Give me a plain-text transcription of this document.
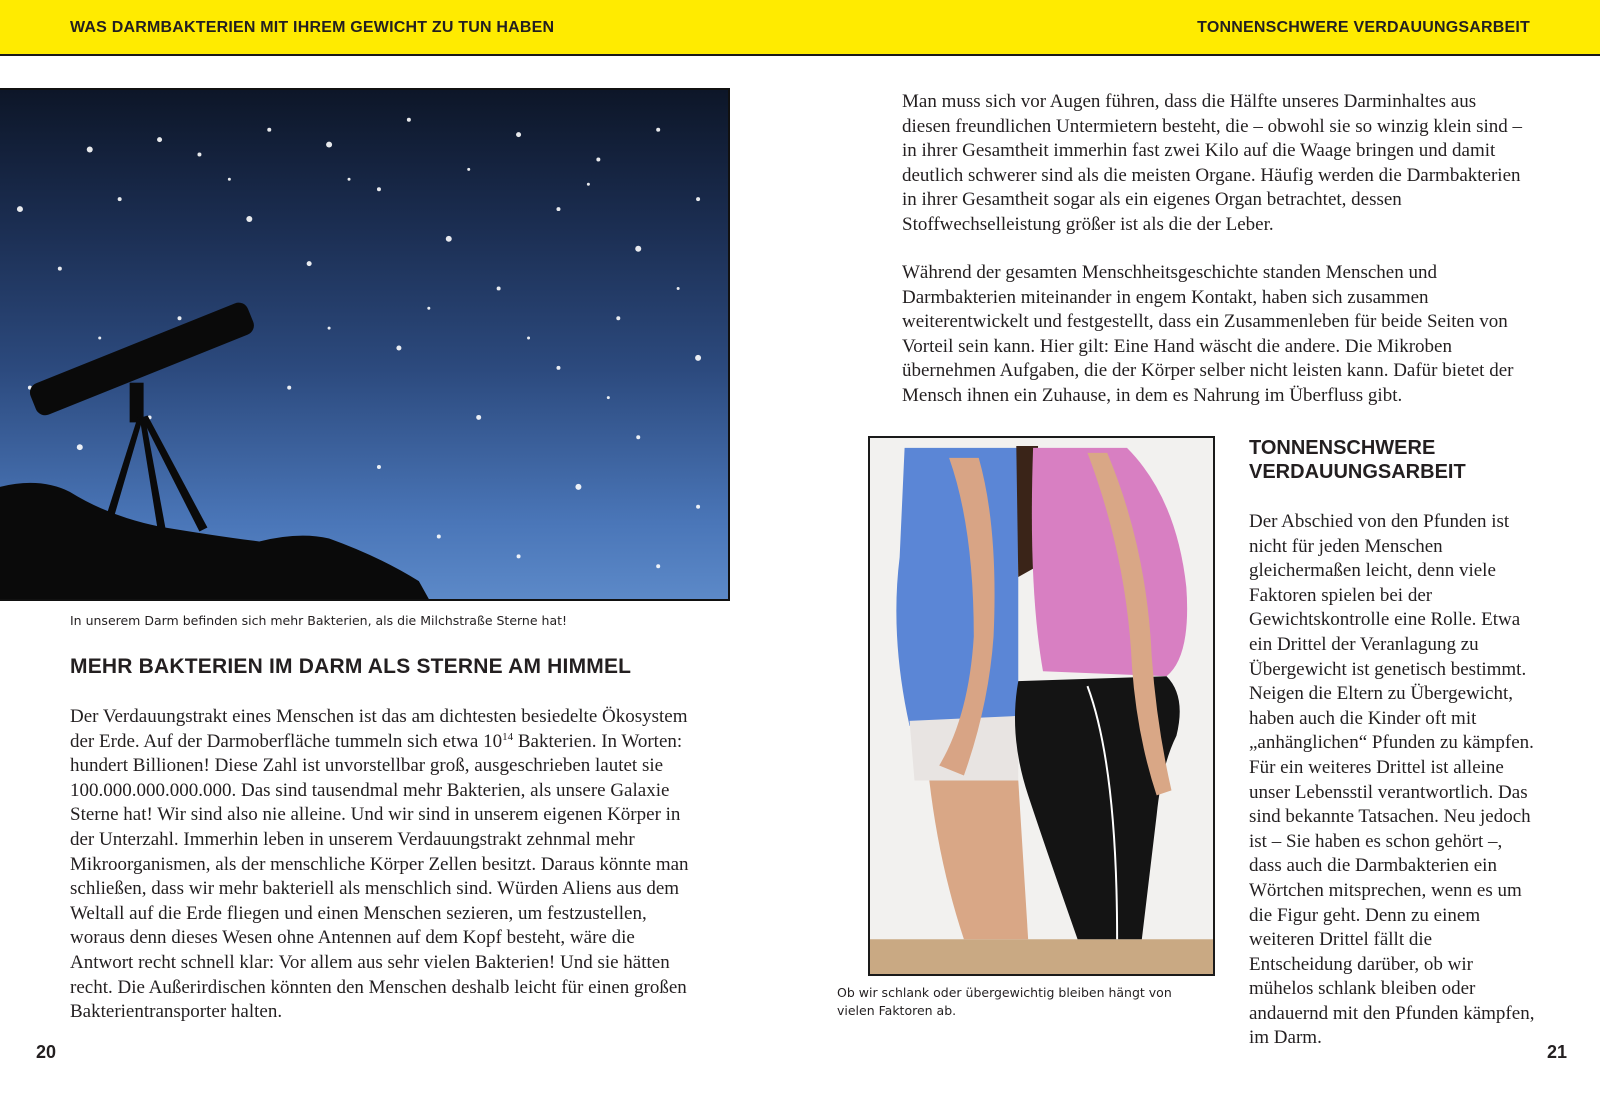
WAS DARMBAKTERIEN MIT IHREM GEWICHT ZU TUN HABEN	TONNENSCHWERE VERDAUUNGSARBEIT
In unserem Darm befinden sich mehr Bakterien, als die Milchstraße Sterne hat!
MEHR BAKTERIEN IM DARM ALS STERNE AM HIMMEL
Der Verdauungstrakt eines Menschen ist das am dichtesten besiedelte Ökosystem der Erde. Auf der Darmoberfläche tummeln sich etwa $10^{14}$ Bakterien. In Worten: hundert Billionen! Diese Zahl ist unvorstellbar groß, ausgeschrieben lautet sie 100.000.000.000.000. Das sind tausendmal mehr Bakterien, als unsere Galaxie Sterne hat! Wir sind also nie alleine. Und wir sind in unserem eigenen Körper in der Unterzahl. Immerhin leben in unserem Verdauungstrakt zehnmal mehr Mikroorganismen, als der menschliche Körper Zellen besitzt. Daraus könnte man schließen, dass wir mehr bakteriell als menschlich sind. Würden Aliens aus dem Weltall auf die Erde fliegen und einen Menschen sezieren, um festzustellen, woraus denn dieses Wesen ohne Antennen auf dem Kopf besteht, wäre die Antwort recht schnell klar: Vor allem aus sehr vielen Bakterien! Und sie hätten recht. Die Außerirdischen könnten den Menschen deshalb leicht für einen großen Bakterientransporter halten.
20
Man muss sich vor Augen führen, dass die Hälfte unseres Darminhaltes aus diesen freundlichen Untermietern besteht, die – obwohl sie so winzig klein sind – in ihrer Gesamtheit immerhin fast zwei Kilo auf die Waage bringen und damit deutlich schwerer sind als die meisten Organe. Häufig werden die Darmbakterien in ihrer Gesamtheit sogar als ein eigenes Organ betrachtet, dessen Stoffwechselleistung größer ist als die der Leber.
Während der gesamten Menschheitsgeschichte standen Menschen und Darmbakterien miteinander in engem Kontakt, haben sich zusammen weiterentwickelt und festgestellt, dass ein Zusammenleben für beide Seiten von Vorteil sein kann. Hier gilt: Eine Hand wäscht die andere. Die Mikroben übernehmen Aufgaben, die der Körper selber nicht leisten kann. Dafür bietet der Mensch ihnen ein Zuhause, in dem es Nahrung im Überfluss gibt.
Ob wir schlank oder übergewichtig bleiben hängt von vielen Faktoren ab.
TONNENSCHWERE
VERDAUUNGSARBEIT
Der Abschied von den Pfunden ist nicht für jeden Menschen gleichermaßen leicht, denn viele Faktoren spielen bei der Gewichtskontrolle eine Rolle. Etwa ein Drittel der Veranlagung zu Übergewicht ist genetisch bestimmt. Neigen die Eltern zu Übergewicht, haben auch die Kinder oft mit „anhänglichen“ Pfunden zu kämpfen. Für ein weiteres Drittel ist alleine unser Lebensstil verantwortlich. Das sind bekannte Tatsachen. Neu jedoch ist – Sie haben es schon gehört –, dass auch die Darmbakterien ein Wörtchen mitsprechen, wenn es um die Figur geht. Denn zu einem weiteren Drittel fällt die Entscheidung darüber, ob wir mühelos schlank bleiben oder andauernd mit den Pfunden kämpfen, im Darm.
21
